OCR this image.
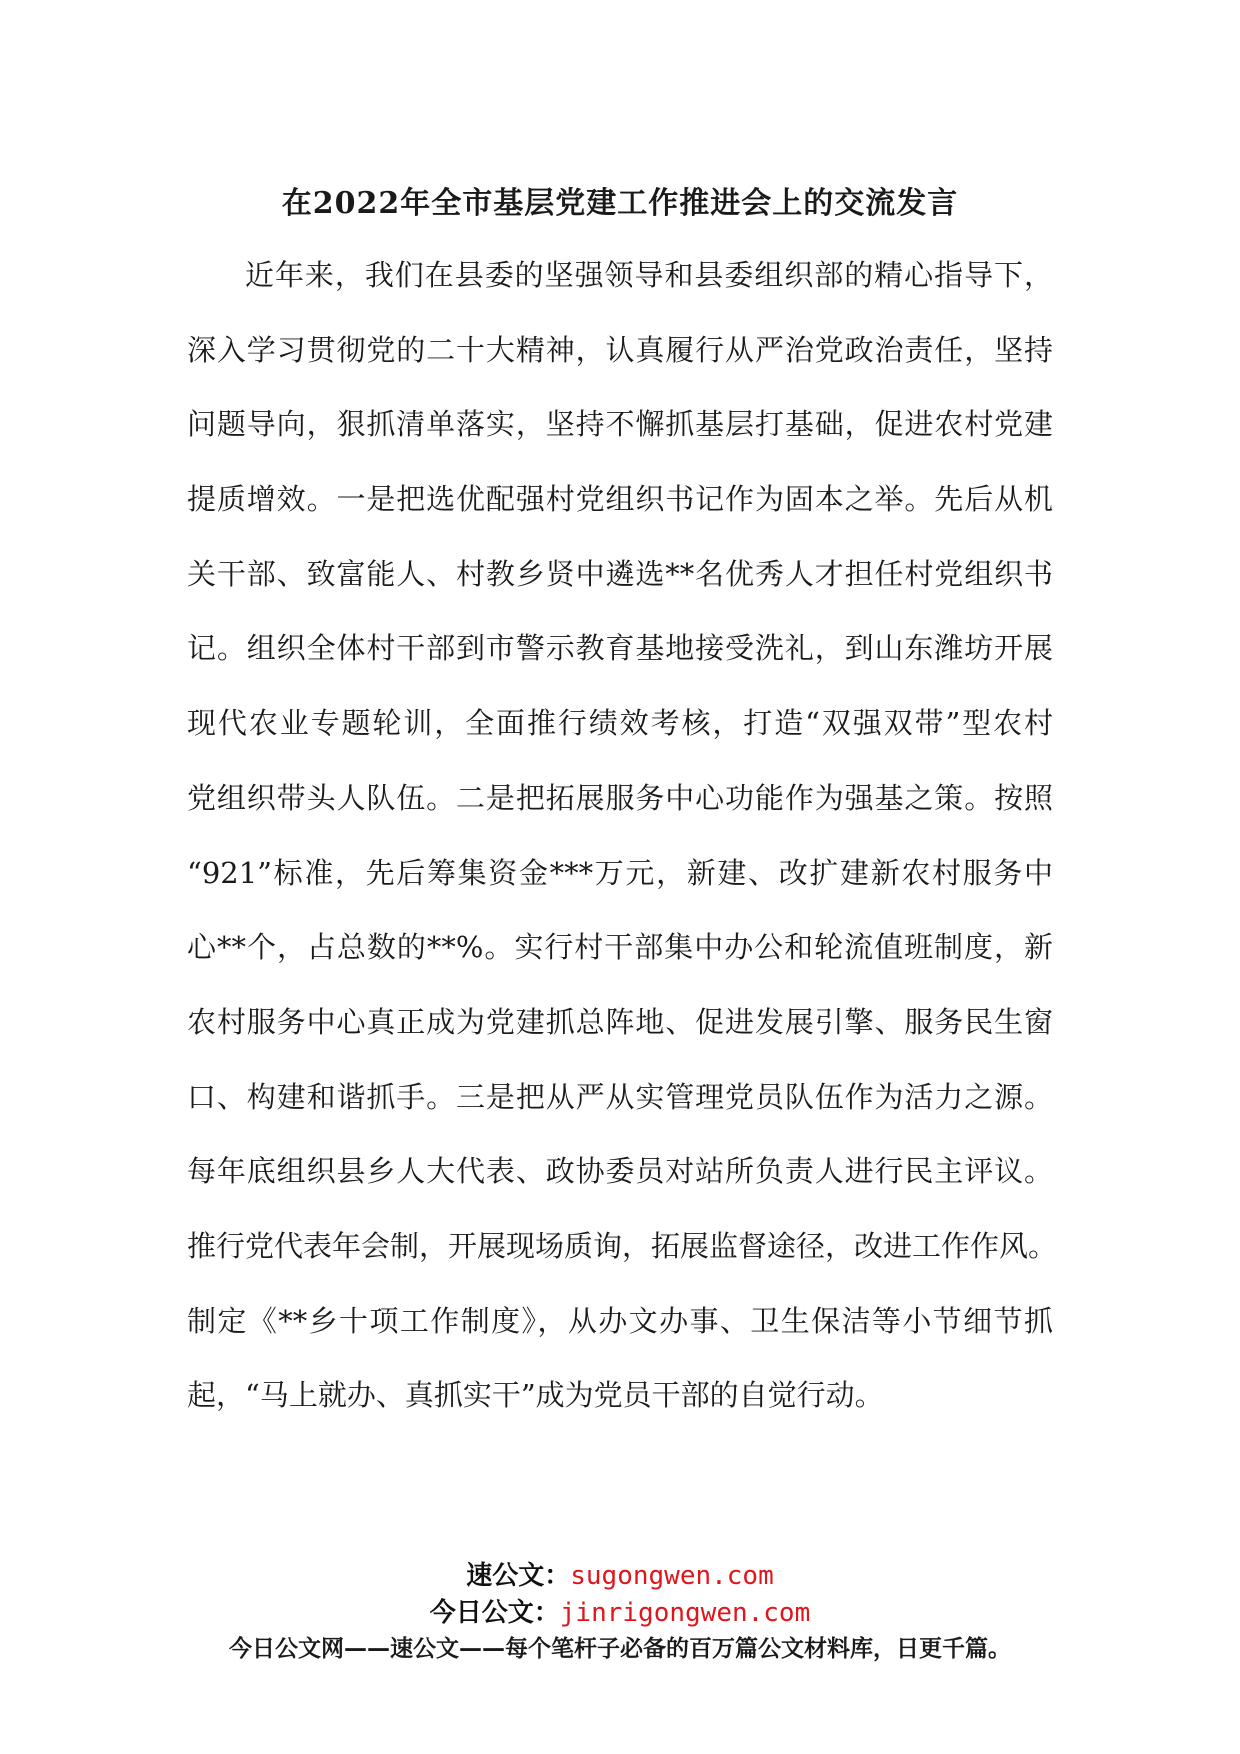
在2022年全市基层党建工作推进会上的交流发言
近年来，我们在县委的坚强领导和县委组织部的精心指导下，
深入学习贯彻党的二十大精神，认真履行从严治党政治责任，坚持
问题导向，狠抓清单落实，坚持不懈抓基层打基础，促进农村党建
提质增效。一是把选优配强村党组织书记作为固本之举。先后从机
关干部、致富能人、村教乡贤中遴选**名优秀人才担任村党组织书
记。组织全体村干部到市警示教育基地接受洗礼，到山东潍坊开展
现代农业专题轮训，全面推行绩效考核，打造“双强双带”型农村
党组织带头人队伍。二是把拓展服务中心功能作为强基之策。按照
“921”标准，先后筹集资金***万元，新建、改扩建新农村服务中
心**个，占总数的**%。实行村干部集中办公和轮流值班制度，新
农村服务中心真正成为党建抓总阵地、促进发展引擎、服务民生窗
口、构建和谐抓手。三是把从严从实管理党员队伍作为活力之源。
每年底组织县乡人大代表、政协委员对站所负责人进行民主评议。
推行党代表年会制，开展现场质询，拓展监督途径，改进工作作风。
制定《**乡十项工作制度》，从办文办事、卫生保洁等小节细节抓
起，“马上就办、真抓实干”成为党员干部的自觉行动。
速公文：sugongwen.com
今日公文：jinrigongwen.com
今日公文网——速公文——每个笔杆子必备的百万篇公文材料库，日更千篇。
